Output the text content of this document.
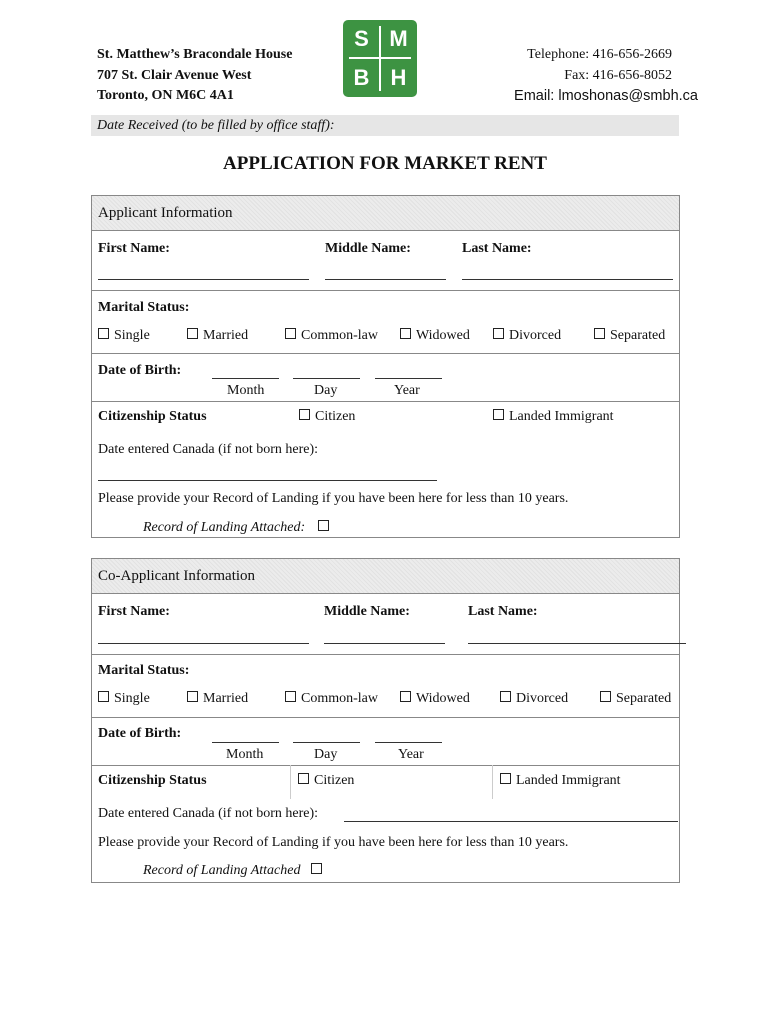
St. Matthew’s Bracondale House
707 St. Clair Avenue West
Toronto, ON M6C 4A1
S M
B H
Telephone: 416-656-2669
Fax: 416-656-8052
Email: lmoshonas@smbh.ca
Date Received (to be filled by office staff):
APPLICATION FOR MARKET RENT
Applicant Information
First Name:	Middle Name:	Last Name:
Marital Status:
Single	Married	Common-law	Widowed	Divorced	Separated
Date of Birth:
Month	Day	Year
Citizenship Status	Citizen	Landed Immigrant
Date entered Canada (if not born here):
Please provide your Record of Landing if you have been here for less than 10 years.
Record of Landing Attached:
Co-Applicant Information
First Name:	Middle Name:	Last Name:
Marital Status:
Single	Married	Common-law	Widowed	Divorced	Separated
Date of Birth:
Month	Day	Year
Citizenship Status	Citizen	Landed Immigrant
Date entered Canada (if not born here):
Please provide your Record of Landing if you have been here for less than 10 years.
Record of Landing Attached
